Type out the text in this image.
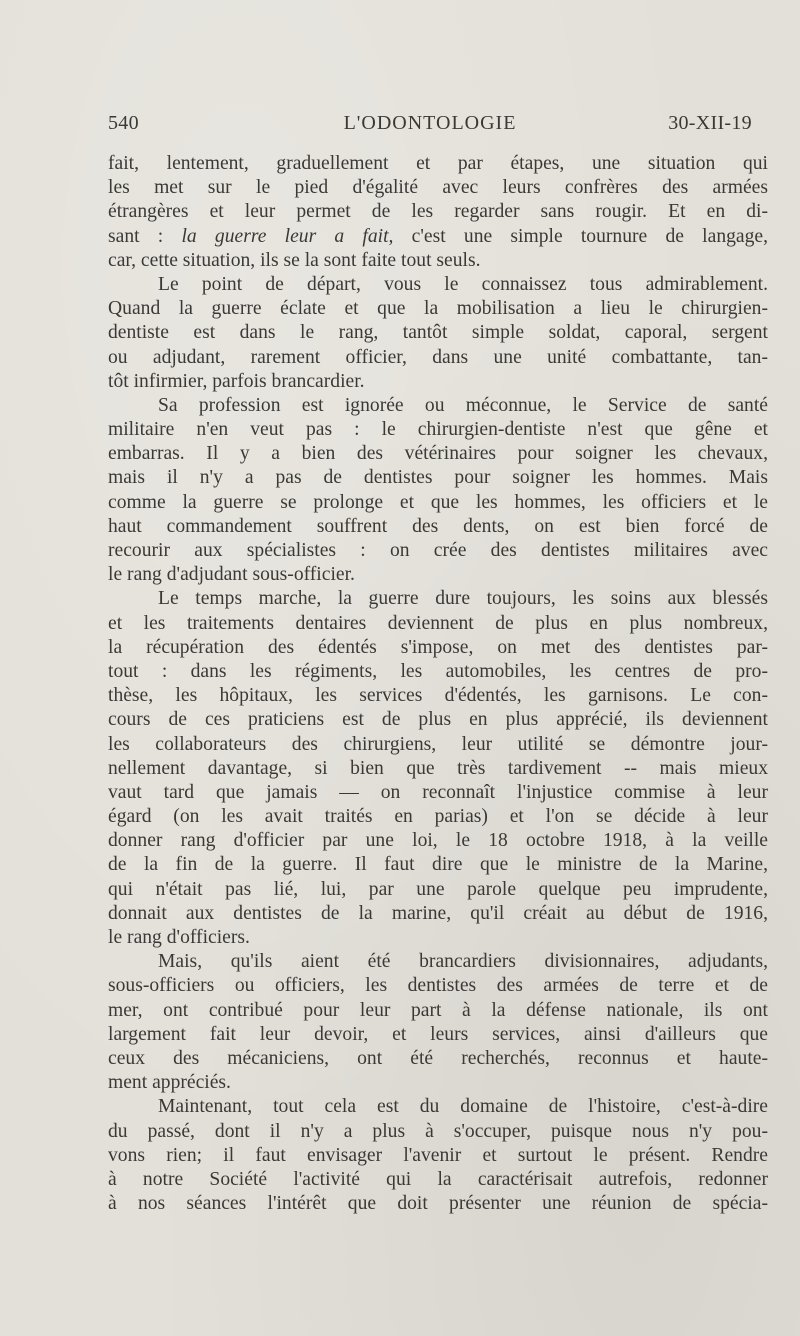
540	L'ODONTOLOGIE	30-XII-19
fait, lentement, graduellement et par étapes, une situation qui
les met sur le pied d'égalité avec leurs confrères des armées
étrangères et leur permet de les regarder sans rougir. Et en di-
sant : la guerre leur a fait, c'est une simple tournure de langage,
car, cette situation, ils se la sont faite tout seuls.
Le point de départ, vous le connaissez tous admirablement.
Quand la guerre éclate et que la mobilisation a lieu le chirurgien-
dentiste est dans le rang, tantôt simple soldat, caporal, sergent
ou adjudant, rarement officier, dans une unité combattante, tan-
tôt infirmier, parfois brancardier.
Sa profession est ignorée ou méconnue, le Service de santé
militaire n'en veut pas : le chirurgien-dentiste n'est que gêne et
embarras. Il y a bien des vétérinaires pour soigner les chevaux,
mais il n'y a pas de dentistes pour soigner les hommes. Mais
comme la guerre se prolonge et que les hommes, les officiers et le
haut commandement souffrent des dents, on est bien forcé de
recourir aux spécialistes : on crée des dentistes militaires avec
le rang d'adjudant sous-officier.
Le temps marche, la guerre dure toujours, les soins aux blessés
et les traitements dentaires deviennent de plus en plus nombreux,
la récupération des édentés s'impose, on met des dentistes par-
tout : dans les régiments, les automobiles, les centres de pro-
thèse, les hôpitaux, les services d'édentés, les garnisons. Le con-
cours de ces praticiens est de plus en plus apprécié, ils deviennent
les collaborateurs des chirurgiens, leur utilité se démontre jour-
nellement davantage, si bien que très tardivement -- mais mieux
vaut tard que jamais — on reconnaît l'injustice commise à leur
égard (on les avait traités en parias) et l'on se décide à leur
donner rang d'officier par une loi, le 18 octobre 1918, à la veille
de la fin de la guerre. Il faut dire que le ministre de la Marine,
qui n'était pas lié, lui, par une parole quelque peu imprudente,
donnait aux dentistes de la marine, qu'il créait au début de 1916,
le rang d'officiers.
Mais, qu'ils aient été brancardiers divisionnaires, adjudants,
sous-officiers ou officiers, les dentistes des armées de terre et de
mer, ont contribué pour leur part à la défense nationale, ils ont
largement fait leur devoir, et leurs services, ainsi d'ailleurs que
ceux des mécaniciens, ont été recherchés, reconnus et haute-
ment appréciés.
Maintenant, tout cela est du domaine de l'histoire, c'est-à-dire
du passé, dont il n'y a plus à s'occuper, puisque nous n'y pou-
vons rien; il faut envisager l'avenir et surtout le présent. Rendre
à notre Société l'activité qui la caractérisait autrefois, redonner
à nos séances l'intérêt que doit présenter une réunion de spécia-
